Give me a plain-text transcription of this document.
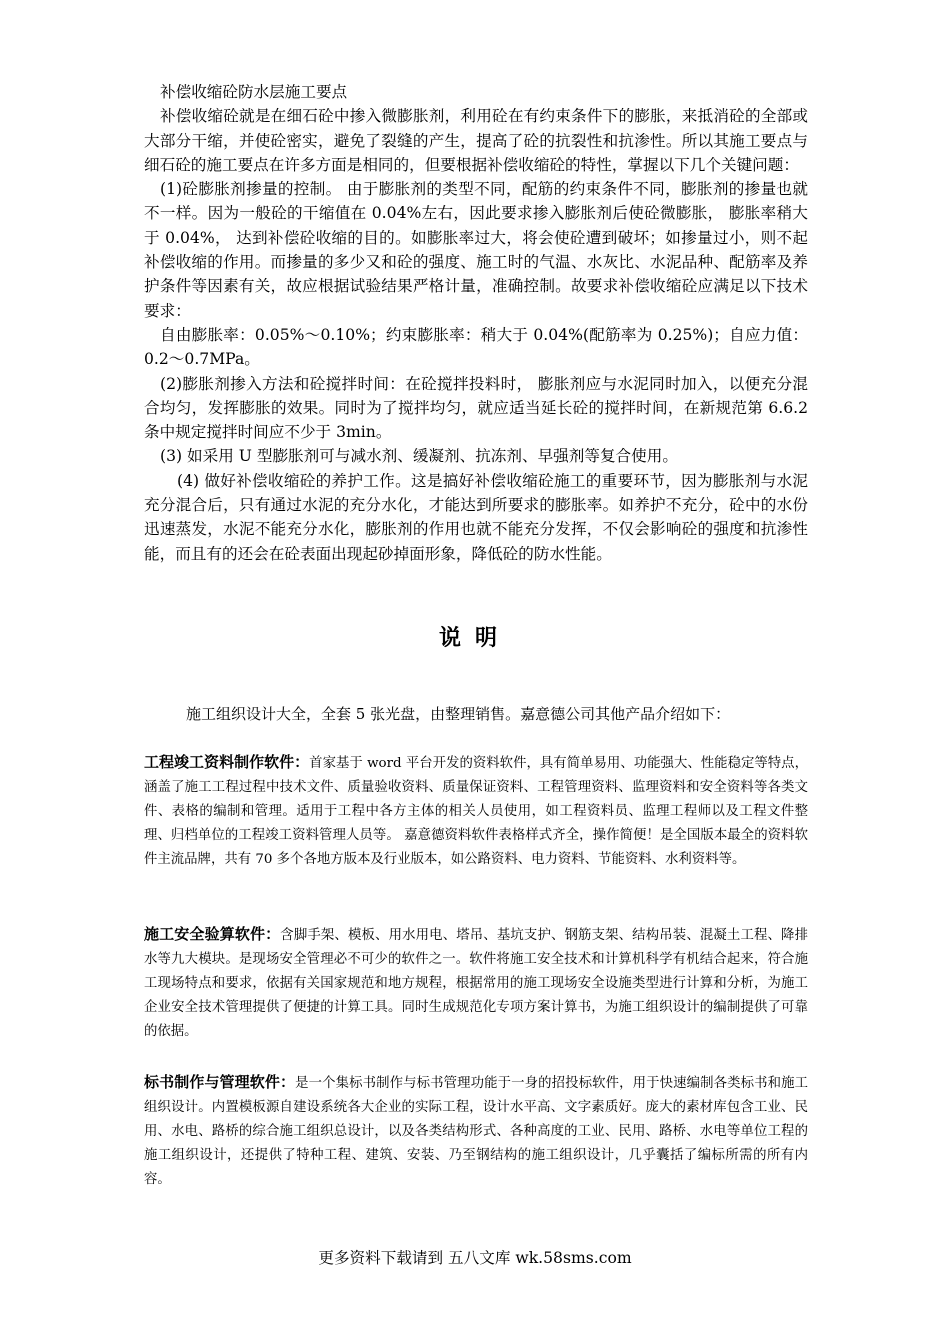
补偿收缩砼防水层施工要点

补偿收缩砼就是在细石砼中掺入微膨胀剂，利用砼在有约束条件下的膨胀，来抵消砼的全部或大部分干缩，并使砼密实，避免了裂缝的产生，提高了砼的抗裂性和抗渗性。所以其施工要点与细石砼的施工要点在许多方面是相同的，但要根据补偿收缩砼的特性，掌握以下几个关键问题：

(1)砼膨胀剂掺量的控制。 由于膨胀剂的类型不同，配筋的约束条件不同，膨胀剂的掺量也就不一样。因为一般砼的干缩值在 0.04%左右，因此要求掺入膨胀剂后使砼微膨胀， 膨胀率稍大于 0.04%， 达到补偿砼收缩的目的。如膨胀率过大，将会使砼遭到破坏；如掺量过小，则不起补偿收缩的作用。而掺量的多少又和砼的强度、施工时的气温、水灰比、水泥品种、配筋率及养护条件等因素有关，故应根据试验结果严格计量，准确控制。故要求补偿收缩砼应满足以下技术要求：

自由膨胀率：0.05%～0.10%；约束膨胀率：稍大于 0.04%(配筋率为 0.25%)；自应力值：0.2～0.7MPa。

(2)膨胀剂掺入方法和砼搅拌时间：在砼搅拌投料时， 膨胀剂应与水泥同时加入，以便充分混合均匀，发挥膨胀的效果。同时为了搅拌均匀，就应适当延长砼的搅拌时间，在新规范第 6.6.2 条中规定搅拌时间应不少于 3min。

(3) 如采用 U 型膨胀剂可与减水剂、缓凝剂、抗冻剂、早强剂等复合使用。

(4) 做好补偿收缩砼的养护工作。这是搞好补偿收缩砼施工的重要环节，因为膨胀剂与水泥充分混合后，只有通过水泥的充分水化，才能达到所要求的膨胀率。如养护不充分，砼中的水份迅速蒸发，水泥不能充分水化，膨胀剂的作用也就不能充分发挥，不仅会影响砼的强度和抗渗性能，而且有的还会在砼表面出现起砂掉面形象，降低砼的防水性能。

说明
施工组织设计大全，全套 5 张光盘，由整理销售。嘉意德公司其他产品介绍如下：
工程竣工资料制作软件：首家基于 word 平台开发的资料软件，具有简单易用、功能强大、性能稳定等特点，涵盖了施工工程过程中技术文件、质量验收资料、质量保证资料、工程管理资料、监理资料和安全资料等各类文件、表格的编制和管理。适用于工程中各方主体的相关人员使用，如工程资料员、监理工程师以及工程文件整理、归档单位的工程竣工资料管理人员等。 嘉意德资料软件表格样式齐全，操作简便！是全国版本最全的资料软件主流品牌，共有 70 多个各地方版本及行业版本，如公路资料、电力资料、节能资料、水利资料等。
施工安全验算软件：含脚手架、模板、用水用电、塔吊、基坑支护、钢筋支架、结构吊装、混凝土工程、降排水等九大模块。是现场安全管理必不可少的软件之一。软件将施工安全技术和计算机科学有机结合起来，符合施工现场特点和要求，依据有关国家规范和地方规程，根据常用的施工现场安全设施类型进行计算和分析，为施工企业安全技术管理提供了便捷的计算工具。同时生成规范化专项方案计算书，为施工组织设计的编制提供了可靠的依据。
标书制作与管理软件：是一个集标书制作与标书管理功能于一身的招投标软件，用于快速编制各类标书和施工组织设计。内置模板源自建设系统各大企业的实际工程，设计水平高、文字素质好。庞大的素材库包含工业、民用、水电、路桥的综合施工组织总设计，以及各类结构形式、各种高度的工业、民用、路桥、水电等单位工程的施工组织设计，还提供了特种工程、建筑、安装、乃至钢结构的施工组织设计，几乎囊括了编标所需的所有内容。
更多资料下载请到 五八文库 wk.58sms.com
